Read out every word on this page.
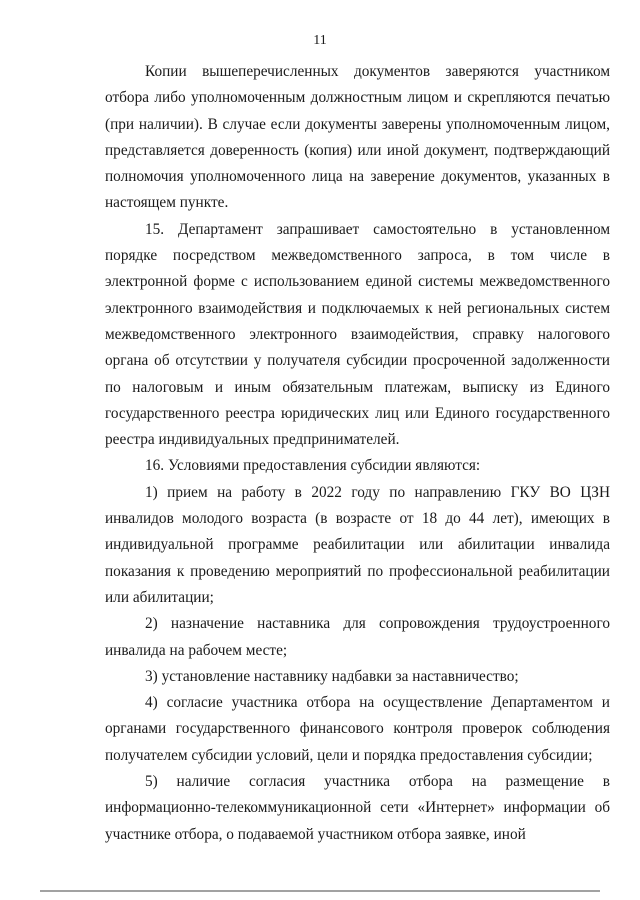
11

Копии вышеперечисленных документов заверяются участником отбора либо уполномоченным должностным лицом и скрепляются печатью (при наличии). В случае если документы заверены уполномоченным лицом, представляется доверенность (копия) или иной документ, подтверждающий полномочия уполномоченного лица на заверение документов, указанных в настоящем пункте.

15. Департамент запрашивает самостоятельно в установленном порядке посредством межведомственного запроса, в том числе в электронной форме с использованием единой системы межведомственного электронного взаимодействия и подключаемых к ней региональных систем межведомственного электронного взаимодействия, справку налогового органа об отсутствии у получателя субсидии просроченной задолженности по налоговым и иным обязательным платежам, выписку из Единого государственного реестра юридических лиц или Единого государственного реестра индивидуальных предпринимателей.

16. Условиями предоставления субсидии являются:

1) прием на работу в 2022 году по направлению ГКУ ВО ЦЗН инвалидов молодого возраста (в возрасте от 18 до 44 лет), имеющих в индивидуальной программе реабилитации или абилитации инвалида показания к проведению мероприятий по профессиональной реабилитации или абилитации;

2) назначение наставника для сопровождения трудоустроенного инвалида на рабочем месте;

3) установление наставнику надбавки за наставничество;

4) согласие участника отбора на осуществление Департаментом и органами государственного финансового контроля проверок соблюдения получателем субсидии условий, цели и порядка предоставления субсидии;

5) наличие согласия участника отбора на размещение в информационно-телекоммуникационной сети «Интернет» информации об участнике отбора, о подаваемой участником отбора заявке, иной
